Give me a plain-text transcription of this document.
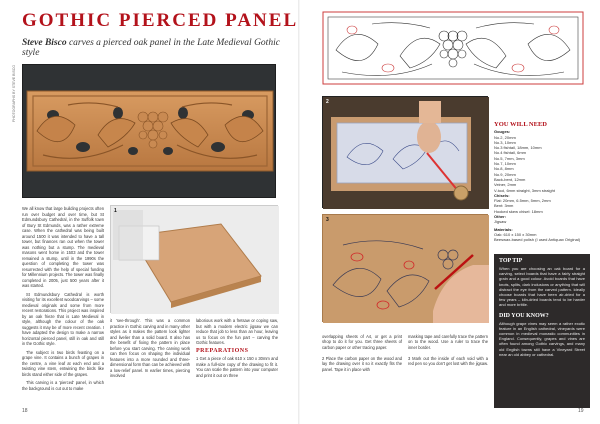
GOTHIC PIERCED PANEL
Steve Bisco carves a pierced oak panel in the Late Medieval Gothic style
PHOTOGRAPHS BY STEVE BISCO

We all know that large building projects often run over budget and over time, but St Edmundsbury Cathedral, in the Suffolk town of Bury St Edmunds, was a rather extreme case. When the cathedral was being built around 1500 it was intended to have a tall tower, but finances ran out when the tower was nothing but a stump. The medieval masons went home in 1503 and the tower remained a stump, until in the 1990s the question of completing the tower was resurrected with the help of special funding for Millennium projects. The tower was finally completed in 2005, just 500 years after it was started.

St Edmundsbury Cathedral is worth visiting for its excellent woodcarvings – some medieval originals and some from more recent restorations. This project was inspired by an oak frieze that is Late Medieval in style, although the colour of the oak suggests it may be of more recent creation. I have adapted the design to make a narrow horizontal pierced panel, still in oak and still in the Gothic style.

The subject is two birds feasting on a grape vine. It contains a bunch of grapes in the centre, a vine leaf at each end and a twisting vine stem, entwining the birds like birds stand either side of the grapes.

This carving is a 'pierced' panel, in which the background is cut out to make

1

it 'see-through'. This was a common practice in Gothic carving and in many other styles as it makes the pattern look lighter and livelier than a solid board. It also has the benefit of fixing the pattern in place before you start carving. The carving work can then focus on shaping the individual features into a more rounded and three-dimensional form than can be achieved with a low-relief panel. In earlier times, piercing involved

laborious work with a fretsaw or coping saw, but with a modern electric jigsaw we can reduce that job to less than an hour, leaving us to focus on the fun part – carving the Gothic features.

PREPARATIONS

1 Get a piece of oak 610 x 150 x 30mm and make a full-size copy of the drawing to fit it. You can scale the pattern into your computer and print it out on three

18
2
3

overlapping sheets of A4, or get a print shop to do it for you. Get three sheets of carbon paper or other tracing paper.

2 Place the carbon paper on the wood and lay the drawing over it so it exactly fits the panel. Tape it in place with

masking tape and carefully trace the pattern on to the wood. Use a ruler to trace the inner border.

3 Mark out the inside of each void with a red pen so you don't get lost with the jigsaw.

YOU WILL NEED
Gouges:
No.2, 20mm
No.3, 10mm
No.3 fishtail, 18mm, 10mm
No.4 fishtail, 6mm
No.5, 7mm, 3mm
No.7, 10mm
No.8, 8mm
No.9, 20mm
Back-bent, 12mm
Veiner, 2mm
V-tool, 6mm straight, 3mm straight
Chisels:
Flat: 20mm, 6.5mm, 5mm, 2mm
Bent: 3mm
Hooked skew chisel: 18mm
Other:
Jigsaw
Materials:
Oak: 610 x 150 x 30mm
Beeswax-based polish (I used Antiquax Original)
TOP TIP
When you are choosing an oak board for a carving, select boards that have a fairly straight grain and a good colour. Avoid boards that have knots, splits, dark inclusions or anything that will distract the eye from the carved pattern. Ideally choose boards that have been air-dried for a few years – kiln-dried boards tend to be harder and more brittle.
DID YOU KNOW?
Although grape vines may seem a rather exotic feature in an English cathedral, vineyards were common in medieval monastic communities in England. Consequently, grapes and vines are often found among Gothic carvings, and many old English towns still have a Vineyard Street near an old abbey or cathedral.
19
